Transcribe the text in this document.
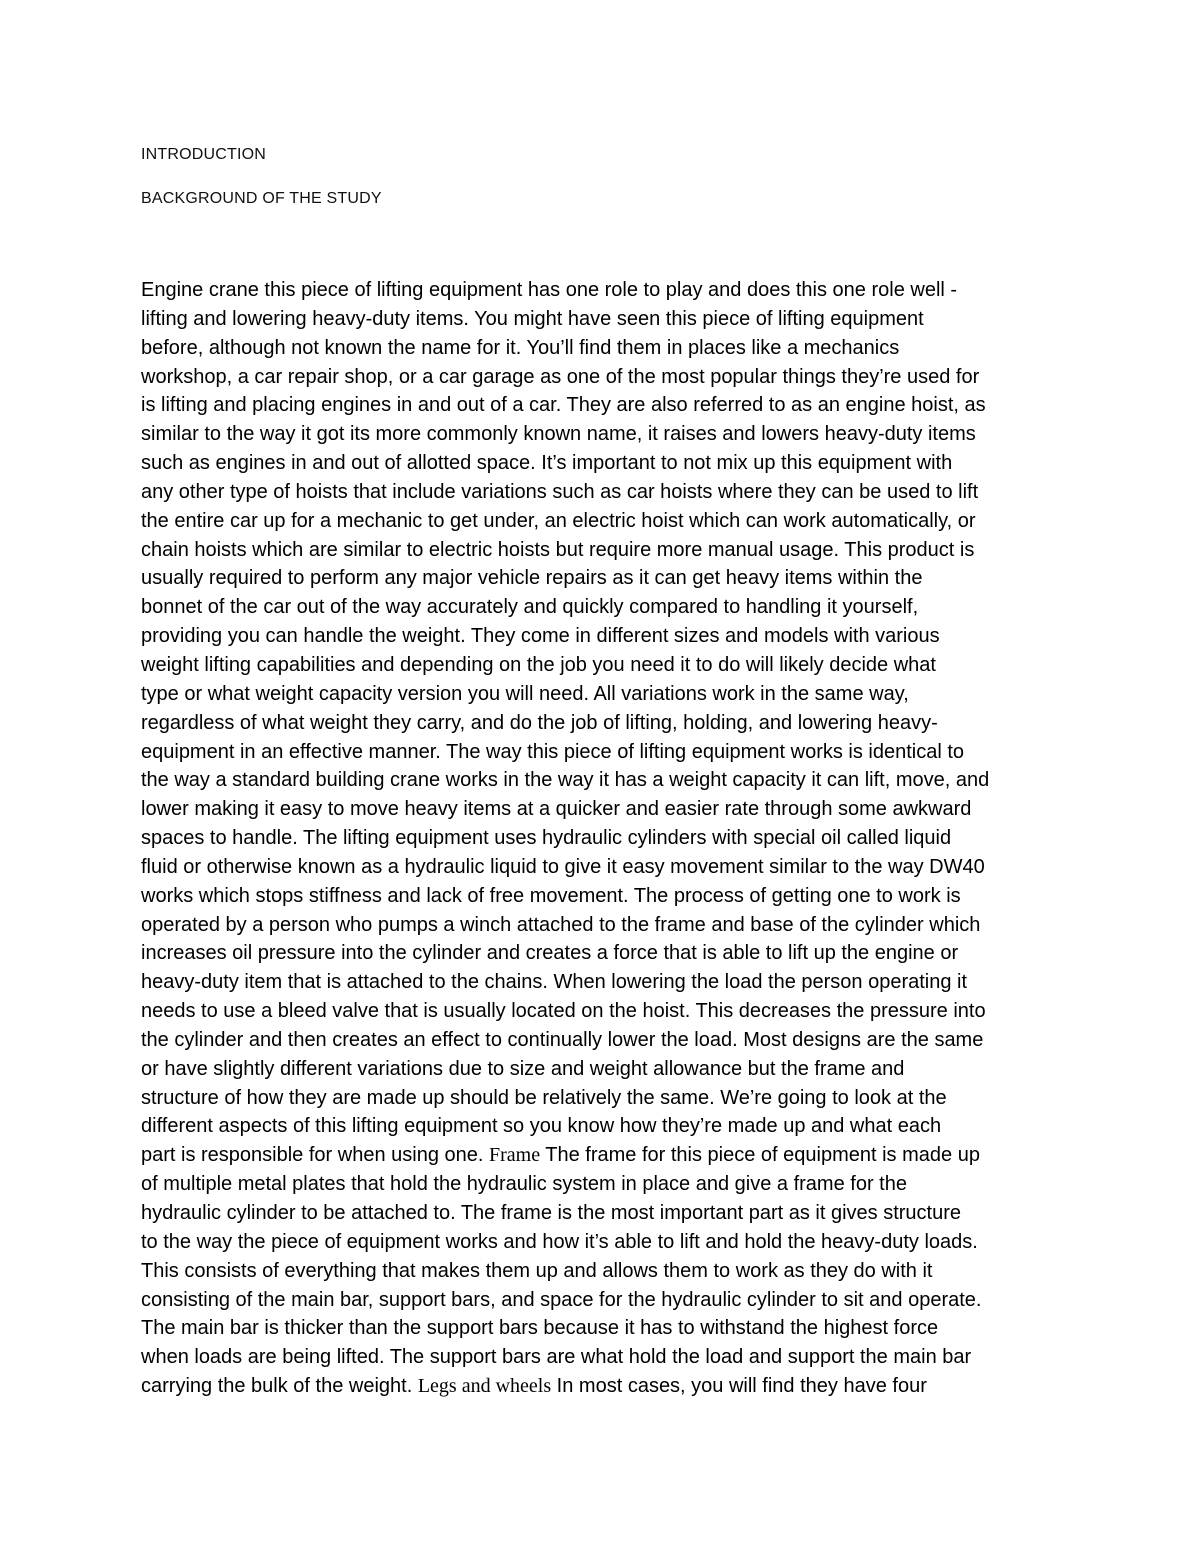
INTRODUCTION
BACKGROUND OF THE STUDY
Engine crane this piece of lifting equipment has one role to play and does this one role well -
lifting and lowering heavy-duty items. You might have seen this piece of lifting equipment
before, although not known the name for it. You’ll find them in places like a mechanics
workshop, a car repair shop, or a car garage as one of the most popular things they’re used for
is lifting and placing engines in and out of a car. They are also referred to as an engine hoist, as
similar to the way it got its more commonly known name, it raises and lowers heavy-duty items
such as engines in and out of allotted space. It’s important to not mix up this equipment with
any other type of hoists that include variations such as car hoists where they can be used to lift
the entire car up for a mechanic to get under, an electric hoist which can work automatically, or
chain hoists which are similar to electric hoists but require more manual usage. This product is
usually required to perform any major vehicle repairs as it can get heavy items within the
bonnet of the car out of the way accurately and quickly compared to handling it yourself,
providing you can handle the weight. They come in different sizes and models with various
weight lifting capabilities and depending on the job you need it to do will likely decide what
type or what weight capacity version you will need. All variations work in the same way,
regardless of what weight they carry, and do the job of lifting, holding, and lowering heavy-
equipment in an effective manner. The way this piece of lifting equipment works is identical to
the way a standard building crane works in the way it has a weight capacity it can lift, move, and
lower making it easy to move heavy items at a quicker and easier rate through some awkward
spaces to handle. The lifting equipment uses hydraulic cylinders with special oil called liquid
fluid or otherwise known as a hydraulic liquid to give it easy movement similar to the way DW40
works which stops stiffness and lack of free movement. The process of getting one to work is
operated by a person who pumps a winch attached to the frame and base of the cylinder which
increases oil pressure into the cylinder and creates a force that is able to lift up the engine or
heavy-duty item that is attached to the chains. When lowering the load the person operating it
needs to use a bleed valve that is usually located on the hoist. This decreases the pressure into
the cylinder and then creates an effect to continually lower the load. Most designs are the same
or have slightly different variations due to size and weight allowance but the frame and
structure of how they are made up should be relatively the same. We’re going to look at the
different aspects of this lifting equipment so you know how they’re made up and what each
part is responsible for when using one. Frame The frame for this piece of equipment is made up
of multiple metal plates that hold the hydraulic system in place and give a frame for the
hydraulic cylinder to be attached to. The frame is the most important part as it gives structure
to the way the piece of equipment works and how it’s able to lift and hold the heavy-duty loads.
This consists of everything that makes them up and allows them to work as they do with it
consisting of the main bar, support bars, and space for the hydraulic cylinder to sit and operate.
The main bar is thicker than the support bars because it has to withstand the highest force
when loads are being lifted. The support bars are what hold the load and support the main bar
carrying the bulk of the weight. Legs and wheels In most cases, you will find they have four
